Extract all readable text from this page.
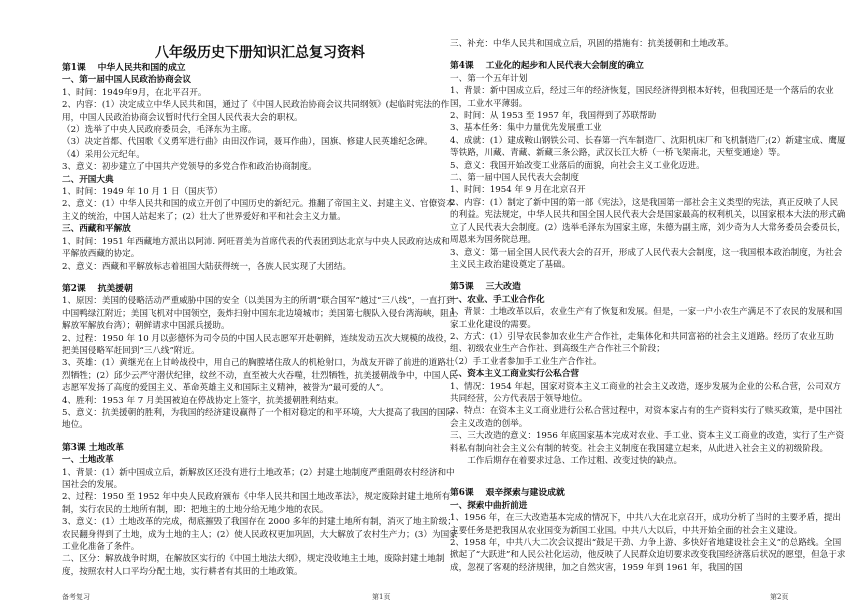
八年级历史下册知识汇总复习资料

第1课　 中华人民共和国的成立

一、第一届中国人民政治协商会议

1、时间：1949年9月，在北平召开。

2、内容：(1）决定成立中华人民共和国，通过了《中国人民政治协商会议共同纲领》(起临时宪法的作用，中国人民政治协商会议暂时代行全国人民代表大会的职权。

（2）选举了中央人民政府委员会，毛泽东为主席。

（3）决定首都、代国歌《义勇军进行曲》由田汉作词，聂耳作曲），国旗、修建人民英雄纪念碑。

（4）采用公元纪年。

3、意义：初步建立了中国共产党领导的多党合作和政治协商制度。

二、开国大典

1、时间：1949 年 10 月 1 日（国庆节）

2、意义：(1）中华人民共和国的成立开创了中国历史的新纪元。推翻了帝国主义、封建主义、官僚资本主义的统治，中国人站起来了；(2）壮大了世界爱好和平和社会主义力量。

三、西藏和平解放

1、时间：1951 年西藏地方派出以阿沛. 阿旺晋美为首席代表的代表团到达北京与中央人民政府达成和平解放西藏的协定。

2、意义：西藏和平解放标志着祖国大陆获得统一，各族人民实现了大团结。

第2课　 抗美援朝

1、原因：美国的侵略活动严重威胁中国的安全（以美国为主的所谓“联合国军”越过“三八线”，一直打到中国鸭绿江附近；美国飞机对中国领空，轰炸扫射中国东北边境城市；美国第七舰队入侵台湾海峡，阻止解放军解放台湾）；朝鲜请求中国派兵援助。

2、过程：1950 年 10 月以彭德怀为司令员的中国人民志愿军开赴朝鲜，连续发动五次大规模的战役，把美国侵略军赶回到“三八线”附近。

3、英雄：(1）黄继光在上甘岭战役中，用自己的胸膛堵住敌人的机枪射口，为战友开辟了前进的道路壮烈牺牲；(2）邱少云严守潜伏纪律，纹丝不动，直至被大火吞噬，壮烈牺牲，抗美援朝战争中，中国人民志愿军发扬了高度的爱国主义、革命英雄主义和国际主义精神，被誉为“最可爱的人”。

4、胜利：1953 年 7 月美国被迫在停战协定上签字，抗美援朝胜利结束。

5、意义：抗美援朝的胜利，为我国的经济建设赢得了一个相对稳定的和平环境，大大提高了我国的国际地位。

第3课 土地改革

一、土地改革

1、背景：(1）新中国成立后，新解放区还没有进行土地改革；(2）封建土地制度严重阻碍农村经济和中国社会的发展。

2、过程：1950 至 1952 年中央人民政府颁布《中华人民共和国土地改革法》，规定废除封建土地所有制，实行农民的土地所有制，即：把地主的土地分给无地少地的农民。

3、意义：(1）土地改革的完成，彻底摧毁了我国存在 2000 多年的封建土地所有制，消灭了地主阶级；农民翻身得到了土地，成为土地的主人；(2）使人民政权更加巩固，大大解放了农村生产力；(3）为国家工业化准备了条件。

二、区分：解放战争时期，在解放区实行的《中国土地法大纲》，规定没收地主土地，废除封建土地制度，按照农村人口平均分配土地，实行耕者有其田的土地政策。

三、补充：中华人民共和国成立后，巩固的措施有：抗美援朝和土地改革。

第4课　 工业化的起步和人民代表大会制度的确立

一、第一个五年计划

1、背景：新中国成立后，经过三年的经济恢复，国民经济得到根本好转，但我国还是一个落后的农业国，工业水平薄弱。

2、时间：从 1953 至 1957 年，我国得到了苏联帮助

3、基本任务：集中力量优先发展重工业

4、成就：(1）建成鞍山钢铁公司、长春第一汽车制造厂、沈阳机床厂和飞机制造厂;(2）新建宝成、鹰厦等铁路，川藏、青藏、新藏三条公路，武汉长江大桥（一桥飞架南北，天堑变通途）等。

5、意义：我国开始改变工业落后的面貌，向社会主义工业化迈进。

二、第一届中国人民代表大会制度

1、时间：1954 年 9 月在北京召开

2、内容：(1）制定了新中国的第一部《宪法》，这是我国第一部社会主义类型的宪法，真正反映了人民的利益。宪法规定，中华人民共和国全国人民代表大会是国家最高的权利机关，以国家根本大法的形式确立了人民代表大会制度。(2）选举毛泽东为国家主席，朱德为副主席，刘少奇为人大常务委员会委员长，周恩来为国务院总理。

3、意义：第一届全国人民代表大会的召开，形成了人民代表大会制度，这一我国根本政治制度，为社会主义民主政治建设奠定了基础。

第5课　 三大改造

一、农业、手工业合作化

1、背景：土地改革以后，农业生产有了恢复和发展。但是，一家一户小农生产满足不了农民的发展和国家工业化建设的需要。

2、方式：(1）引导农民参加农业生产合作社，走集体化和共同富裕的社会主义道路。经历了农业互助组、初级农业生产合作社、到高级生产合作社三个阶段；

（2）手工业者参加手工业生产合作社。

二、资本主义工商业实行公私合营

1、情况：1954 年起，国家对资本主义工商业的社会主义改造，逐步发展为企业的公私合营，公司双方共同经营，公方代表居于领导地位。

2、特点：在资本主义工商业进行公私合营过程中，对资本家占有的生产资料实行了赎买政策，是中国社会主义改造的创举。

三、三大改造的意义：1956 年底国家基本完成对农业、手工业、资本主义工商业的改造，实行了生产资料私有制向社会主义公有制的转变。社会主义制度在我国建立起来，从此进入社会主义的初级阶段。

　　工作后期存在着要求过急、工作过粗、改变过快的缺点。

第6课　 艰辛探索与建设成就

一、探索中曲折前进

1、1956 年，在三大改造基本完成的情况下，中共八大在北京召开，成功分析了当时的主要矛盾，提出主要任务是把我国从农业国变为新国工业国。中共八大以后，中共开始全面的社会主义建设。

2、1958 年，中共八大二次会议提出“鼓足干劲、力争上游、多快好省地建设社会主义”的总路线。全国掀起了“大跃进”和人民公社化运动，他反映了人民群众迫切要求改变我国经济落后状况的愿望，但急于求成，忽视了客观的经济规律，加之自然灾害，1959 年到 1961 年，我国的国

备考复习	第1页	第2页
